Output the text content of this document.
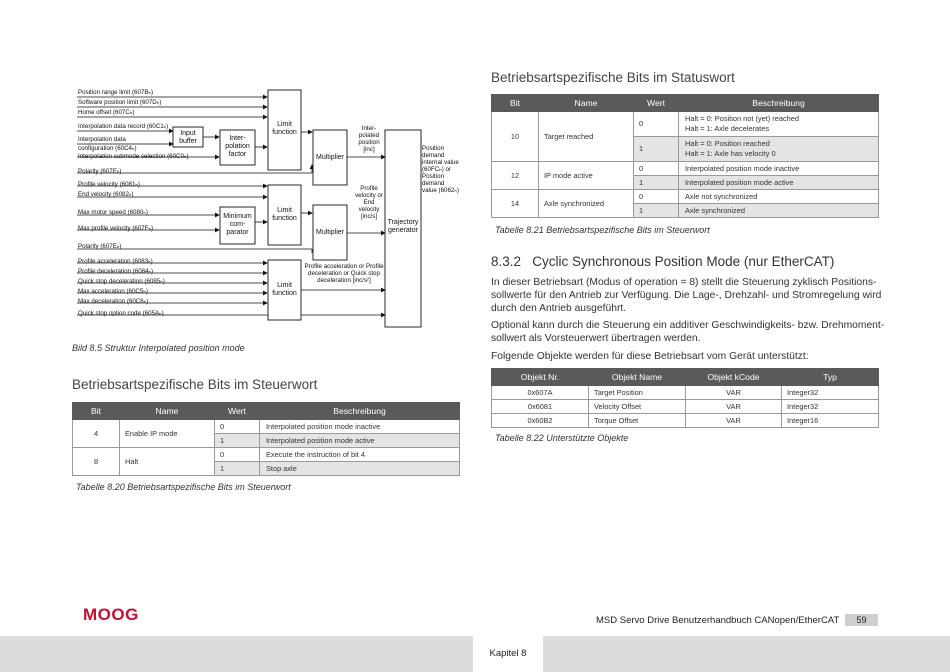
Position range limit (607Bₕ)
Software position limit (607Dₕ)
Home offset (607Cₕ)
Interpolation data record (60C1ₕ)
Interpolation data
configuration (60C4ₕ)
Interpolation submode selection (60C0ₕ)
Polarity (607Eₕ)
Profile velocity (6081ₕ)
End velocity (6082ₕ)
Max motor speed (6080ₕ)
Max profile velocity (607Fₕ)
Polarity (607Eₕ)
Profile acceleration (6083ₕ)
Profile deceleration (6084ₕ)
Quick stop deceleration (6085ₕ)
Max acceleration (60C5ₕ)
Max deceleration (60C6ₕ)
Quick stop option code (605Aₕ)
Input buffer	Inter-polation factor
Limit function
Multiplier
Minimum com-parator
Limit function
Multiplier
Limit function
Trajectory generator
Inter-polated position [inc]
Profile velocity or End velocity [inc/s]
Profile acceleration or Profile deceleration or Quick stop deceleration [inc/s²]
Position demand internal value (60FCₕ) or Position demand value (6062ₕ)
Bild 8.5 Struktur Interpolated position mode
Betriebsartspezifische Bits im Steuerwort
Bit	Name	Wert	Beschreibung
4	Enable IP mode	0	Interpolated position mode inactive
		1	Interpolated position mode active
8	Halt	0	Execute the instruction of bit 4
		1	Stop axle
Tabelle 8.20 Betriebsartspezifische Bits im Steuerwort
Betriebsartspezifische Bits im Statuswort
Bit	Name	Wert	Beschreibung
10	Target reached	0	Halt = 0: Position not (yet) reached
Halt = 1: Axle decelerates

		1	Halt = 0: Position reached
Halt = 1: Axle has velocity 0

12	IP mode active	0	Interpolated position mode inactive
		1	Interpolated position mode active
14	Axle synchronized	0	Axle not synchronized
		1	Axle synchronized
Tabelle 8.21 Betriebsartspezifische Bits im Steuerwort
8.3.2 Cyclic Synchronous Position Mode (nur EtherCAT)
In dieser Betriebsart (Modus of operation = 8) stellt die Steuerung zyklisch Positions-
sollwerte für den Antrieb zur Verfügung. Die Lage-, Drehzahl- und Stromregelung wird
durch den Antrieb ausgeführt.
Optional kann durch die Steuerung ein additiver Geschwindigkeits- bzw. Drehmoment-
sollwert als Vorsteuerwert übertragen werden.
Folgende Objekte werden für diese Betriebsart vom Gerät unterstützt:
Objekt Nr.	Objekt Name	Objekt kCode	Typ
0x607A	Target Position	VAR	Integer32
0x6081	Velocity Offset	VAR	Integer32
0x60B2	Torque Offset	VAR	Integer16
Tabelle 8.22 Unterstützte Objekte
MOOG	MSD Servo Drive Benutzerhandbuch CANopen/EtherCAT	59
Kapitel 8
